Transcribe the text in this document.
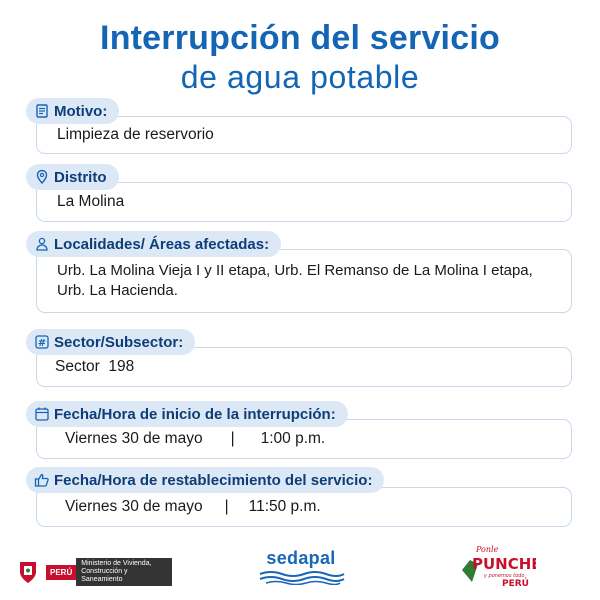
Interrupción del servicio
de agua potable
Motivo:
Limpieza de reservorio
Distrito
La Molina
Localidades/ Áreas afectadas:
Urb. La Molina Vieja I y II etapa, Urb. El Remanso de La Molina I etapa, Urb. La Hacienda.
# Sector/Subsector:
Sector  198
Fecha/Hora de inicio de la interrupción:
Viernes 30 de mayo | 1:00 p.m.
Fecha/Hora de restablecimiento del servicio:
Viernes 30 de mayo | 11:50 p.m.
PERÚ
Ministerio de Vivienda, Construcción y Saneamiento
sedapal	Ponle
PUNCHE
y ponemos todo
PERÚ
